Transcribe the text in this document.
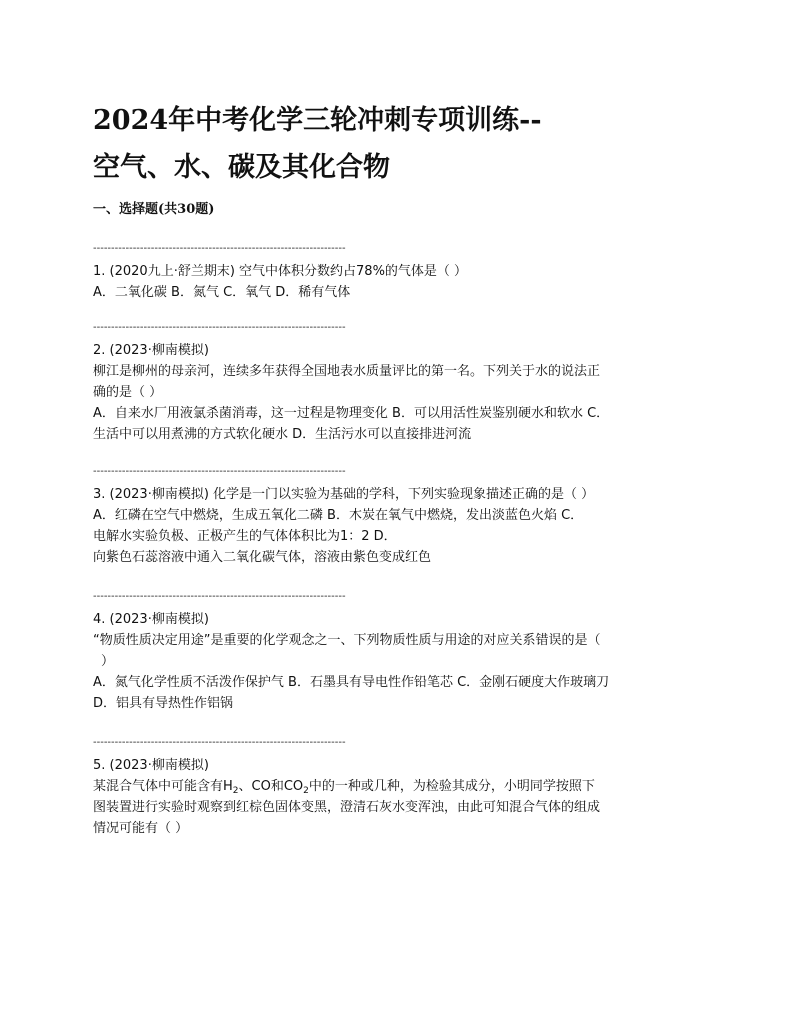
2024年中考化学三轮冲刺专项训练--
空气、水、碳及其化合物
一、选择题(共30题)
----------------------------------------------------------------------
1. (2020九上·舒兰期末) 空气中体积分数约占78%的气体是（ ）
A．二氧化碳 B．氮气 C．氧气 D．稀有气体
----------------------------------------------------------------------
2. (2023·柳南模拟)
柳江是柳州的母亲河，连续多年获得全国地表水质量评比的第一名。下列关于水的说法正
确的是（ ）
A．自来水厂用液氯杀菌消毒，这一过程是物理变化 B．可以用活性炭鉴别硬水和软水 C．
生活中可以用煮沸的方式软化硬水 D．生活污水可以直接排进河流
----------------------------------------------------------------------
3. (2023·柳南模拟) 化学是一门以实验为基础的学科，下列实验现象描述正确的是（ ）
A．红磷在空气中燃烧，生成五氧化二磷 B．木炭在氧气中燃烧，发出淡蓝色火焰 C．
电解水实验负极、正极产生的气体体积比为1：2 D．
向紫色石蕊溶液中通入二氧化碳气体，溶液由紫色变成红色
----------------------------------------------------------------------
4. (2023·柳南模拟)
“物质性质决定用途”是重要的化学观念之一、下列物质性质与用途的对应关系错误的是（
）
A．氮气化学性质不活泼作保护气 B．石墨具有导电性作铅笔芯 C．金刚石硬度大作玻璃刀
D．铝具有导热性作铝锅
----------------------------------------------------------------------
5. (2023·柳南模拟)
某混合气体中可能含有$H_2$、CO和$CO_2$中的一种或几种，为检验其成分，小明同学按照下
图装置进行实验时观察到红棕色固体变黑，澄清石灰水变浑浊，由此可知混合气体的组成
情况可能有（ ）
